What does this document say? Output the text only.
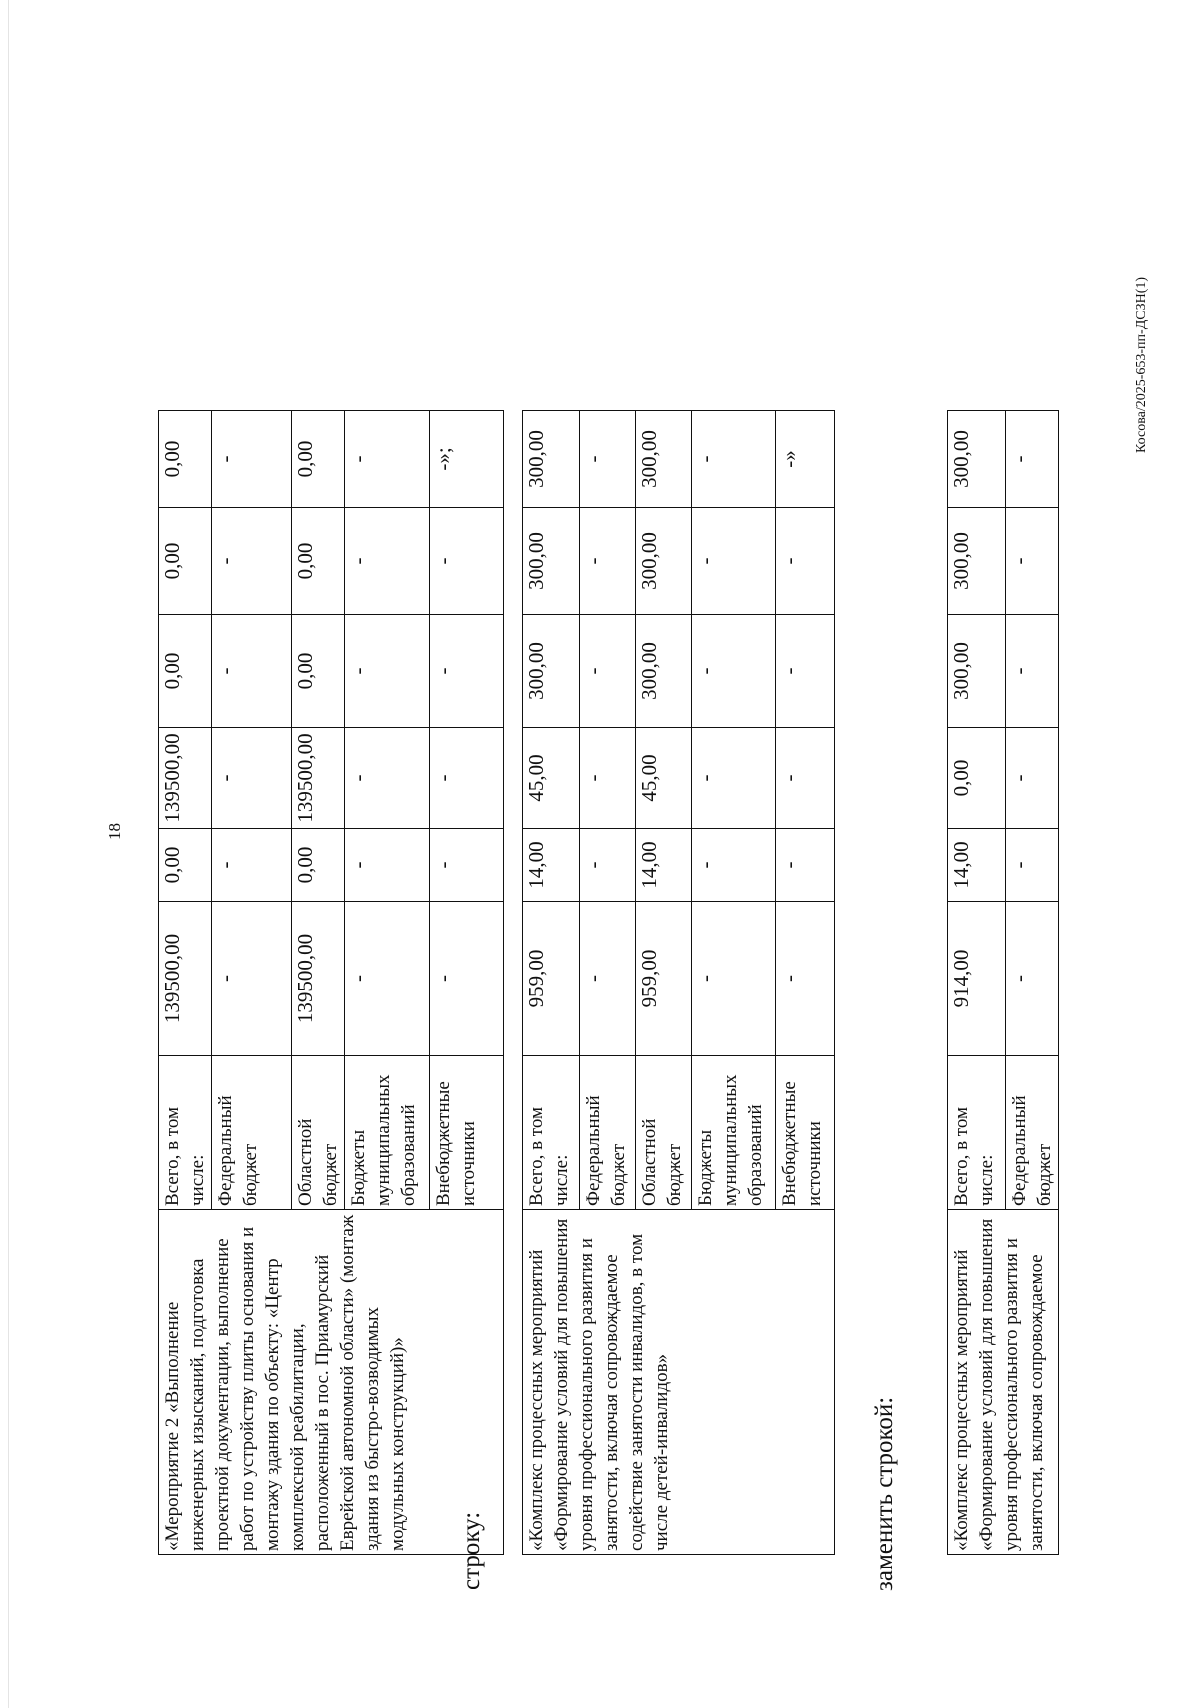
18
Косова/2025-653-пп-ДСЗН(1)
«Мероприятие 2 «Выполнение инженерных изысканий, подготовка проектной документации, выполнение работ по устройству плиты основания и монтажу здания по объекту: «Центр комплексной реабилитации, расположенный в пос. Приамурский Еврейской автономной области» (монтаж здания из быстро-возводимых модульных конструкций)»	Всего, в том числе:	139500,00	0,00	139500,00	0,00	0,00	0,00
	Федеральный бюджет	-	-	-	-	-	-
	Областной бюджет	139500,00	0,00	139500,00	0,00	0,00	0,00
	Бюджеты муниципальных образований	-	-	-	-	-	-
	Внебюджетные источники	-	-	-	-	-	-»;
строку: «Комплекс процессных мероприятий «Формирование условий для повышения уровня профессионального развития и занятости, включая сопровождаемое содействие занятости инвалидов, в том числе детей-инвалидов»	Всего, в том числе:	959,00	14,00	45,00	300,00	300,00	300,00
	Федеральный бюджет	-	-	-	-	-	-
	Областной бюджет	959,00	14,00	45,00	300,00	300,00	300,00
	Бюджеты муниципальных образований	-	-	-	-	-	-
	Внебюджетные источники	-	-	-	-	-	-»
заменить строкой:	«Комплекс процессных мероприятий «Формирование условий для повышения уровня профессионального развития и занятости, включая сопровождаемое	Всего, в том числе:	914,00	14,00	0,00	300,00	300,00	300,00
	Федеральный бюджет	-	-	-	-	-	-
